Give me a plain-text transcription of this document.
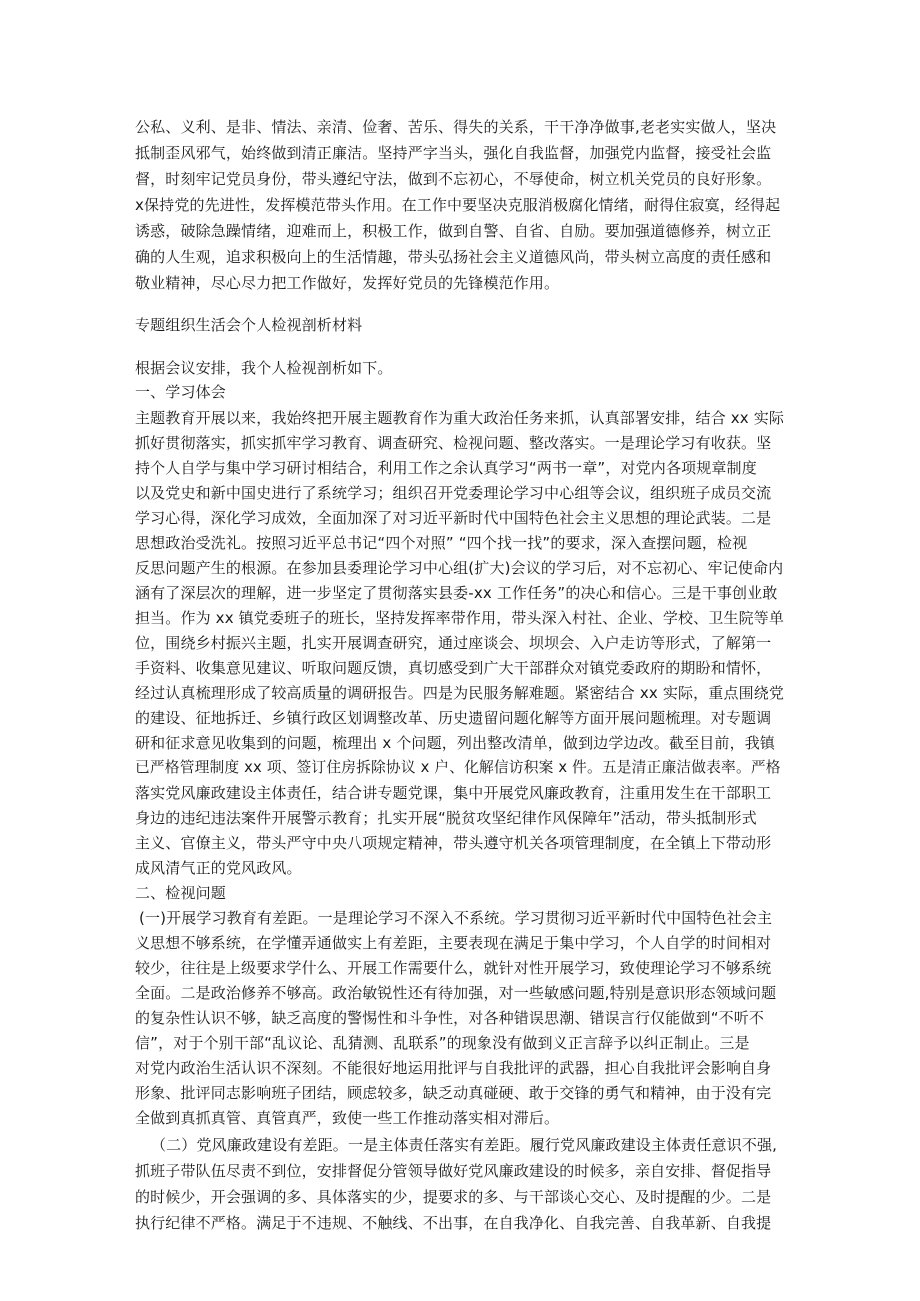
公私、义利、是非、情法、亲清、俭奢、苦乐、得失的关系，干干净净做事,老老实实做人，坚决
抵制歪风邪气，始终做到清正廉洁。坚持严字当头，强化自我监督，加强党内监督，接受社会监
督，时刻牢记党员身份，带头遵纪守法，做到不忘初心，不辱使命，树立机关党员的良好形象。
x保持党的先进性，发挥模范带头作用。在工作中要坚决克服消极腐化情绪，耐得住寂寞，经得起
诱惑，破除急躁情绪，迎难而上，积极工作，做到自警、自省、自励。要加强道德修养，树立正
确的人生观，追求积极向上的生活情趣，带头弘扬社会主义道德风尚，带头树立高度的责任感和
敬业精神，尽心尽力把工作做好，发挥好党员的先锋模范作用。
专题组织生活会个人检视剖析材料
根据会议安排，我个人检视剖析如下。
一、学习体会
主题教育开展以来，我始终把开展主题教育作为重大政治任务来抓，认真部署安排，结合 xx 实际
抓好贯彻落实，抓实抓牢学习教育、调查研究、检视问题、整改落实。一是理论学习有收获。坚
持个人自学与集中学习研讨相结合，利用工作之余认真学习“两书一章”，对党内各项规章制度
以及党史和新中国史进行了系统学习；组织召开党委理论学习中心组等会议，组织班子成员交流
学习心得，深化学习成效，全面加深了对习近平新时代中国特色社会主义思想的理论武装。二是
思想政治受洗礼。按照习近平总书记“四个对照” “四个找一找”的要求，深入查摆问题，检视
反思问题产生的根源。在参加县委理论学习中心组(扩大)会议的学习后，对不忘初心、牢记使命内
涵有了深层次的理解，进一步坚定了贯彻落实县委-xx 工作任务”的决心和信心。三是干事创业敢
担当。作为 xx 镇党委班子的班长，坚持发挥率带作用，带头深入村社、企业、学校、卫生院等单
位，围绕乡村振兴主题，扎实开展调查研究，通过座谈会、坝坝会、入户走访等形式，了解第一
手资料、收集意见建议、听取问题反馈，真切感受到广大干部群众对镇党委政府的期盼和情怀，
经过认真梳理形成了较高质量的调研报告。四是为民服务解难题。紧密结合 xx 实际，重点围绕党
的建设、征地拆迁、乡镇行政区划调整改革、历史遗留问题化解等方面开展问题梳理。对专题调
研和征求意见收集到的问题，梳理出 x 个问题，列出整改清单，做到边学边改。截至目前，我镇
已严格管理制度 xx 项、签订住房拆除协议 x 户、化解信访积案 x 件。五是清正廉洁做表率。严格
落实党风廉政建设主体责任，结合讲专题党课，集中开展党风廉政教育，注重用发生在干部职工
身边的违纪违法案件开展警示教育；扎实开展“脱贫攻坚纪律作风保障年”活动，带头抵制形式
主义、官僚主义，带头严守中央八项规定精神，带头遵守机关各项管理制度，在全镇上下带动形
成风清气正的党风政风。
二、检视问题
(一)开展学习教育有差距。一是理论学习不深入不系统。学习贯彻习近平新时代中国特色社会主
义思想不够系统，在学懂弄通做实上有差距，主要表现在满足于集中学习，个人自学的时间相对
较少，往往是上级要求学什么、开展工作需要什么，就针对性开展学习，致使理论学习不够系统
全面。二是政治修养不够高。政治敏锐性还有待加强，对一些敏感问题,特别是意识形态领域问题
的复杂性认识不够，缺乏高度的警惕性和斗争性，对各种错误思潮、错误言行仅能做到“不听不
信”，对于个别干部“乱议论、乱猜测、乱联系”的现象没有做到义正言辞予以纠正制止。三是
对党内政治生活认识不深刻。不能很好地运用批评与自我批评的武器，担心自我批评会影响自身
形象、批评同志影响班子团结，顾虑较多，缺乏动真碰硬、敢于交锋的勇气和精神，由于没有完
全做到真抓真管、真管真严，致使一些工作推动落实相对滞后。
（二）党风廉政建设有差距。一是主体责任落实有差距。履行党风廉政建设主体责任意识不强,
抓班子带队伍尽责不到位，安排督促分管领导做好党风廉政建设的时候多，亲自安排、督促指导
的时候少，开会强调的多、具体落实的少，提要求的多、与干部谈心交心、及时提醒的少。二是
执行纪律不严格。满足于不违规、不触线、不出事，在自我净化、自我完善、自我革新、自我提
